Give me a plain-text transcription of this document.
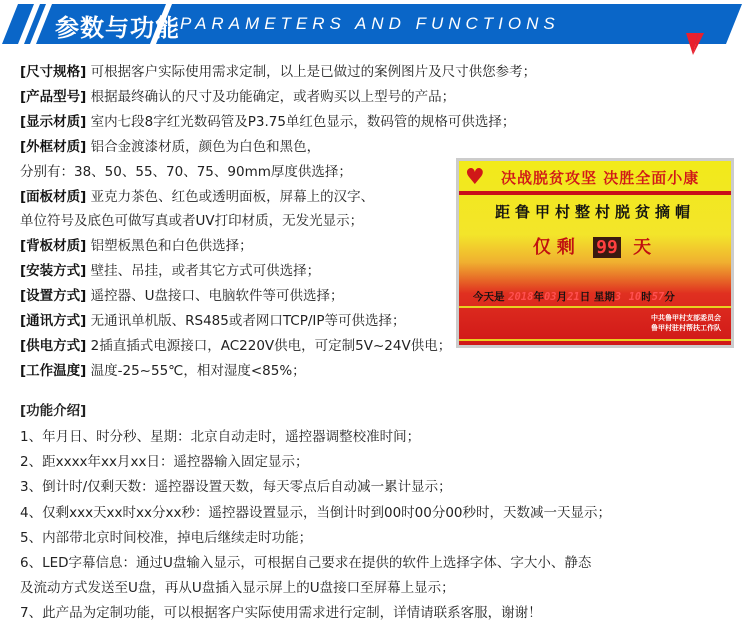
参数与功能 PARAMETERS AND FUNCTIONS
[尺寸规格] 可根据客户实际使用需求定制，以上是已做过的案例图片及尺寸供您参考；
[产品型号] 根据最终确认的尺寸及功能确定，或者购买以上型号的产品；
[显示材质] 室内七段8字红光数码管及P3.75单红色显示，数码管的规格可供选择；
[外框材质] 铝合金渡漆材质，颜色为白色和黑色，
分别有：38、50、55、70、75、90mm厚度供选择；
[面板材质] 亚克力茶色、红色或透明面板，屏幕上的汉字、
单位符号及底色可做写真或者UV打印材质，无发光显示；
[背板材质] 铝塑板黑色和白色供选择；
[安装方式] 壁挂、吊挂，或者其它方式可供选择；
[设置方式] 遥控器、U盘接口、电脑软件等可供选择；
[通讯方式] 无通讯单机版、RS485或者网口TCP/IP等可供选择；
[供电方式] 2插直插式电源接口，AC220V供电，可定制5V~24V供电；
[工作温度] 温度-25~55℃，相对湿度<85%；
[功能介绍]
1、年月日、时分秒、星期：北京自动走时，遥控器调整校准时间；
2、距xxxx年xx月xx日：遥控器输入固定显示；
3、倒计时/仅剩天数：遥控器设置天数，每天零点后自动减一累计显示；
4、仅剩xxx天xx时xx分xx秒：遥控器设置显示，当倒计时到00时00分00秒时，天数减一天显示；
5、内部带北京时间校准，掉电后继续走时功能；
6、LED字幕信息：通过U盘输入显示，可根据自己要求在提供的软件上选择字体、字大小、静态
及流动方式发送至U盘，再从U盘插入显示屏上的U盘接口至屏幕上显示；
7、此产品为定制功能，可以根据客户实际使用需求进行定制，详情请联系客服，谢谢！
♥ 决战脱贫攻坚 决胜全面小康
距鲁甲村整村脱贫摘帽
仅剩 99 天
今天是 2018年03月21日 星期3 10时57分
中共鲁甲村支部委员会
鲁甲村驻村帮扶工作队
